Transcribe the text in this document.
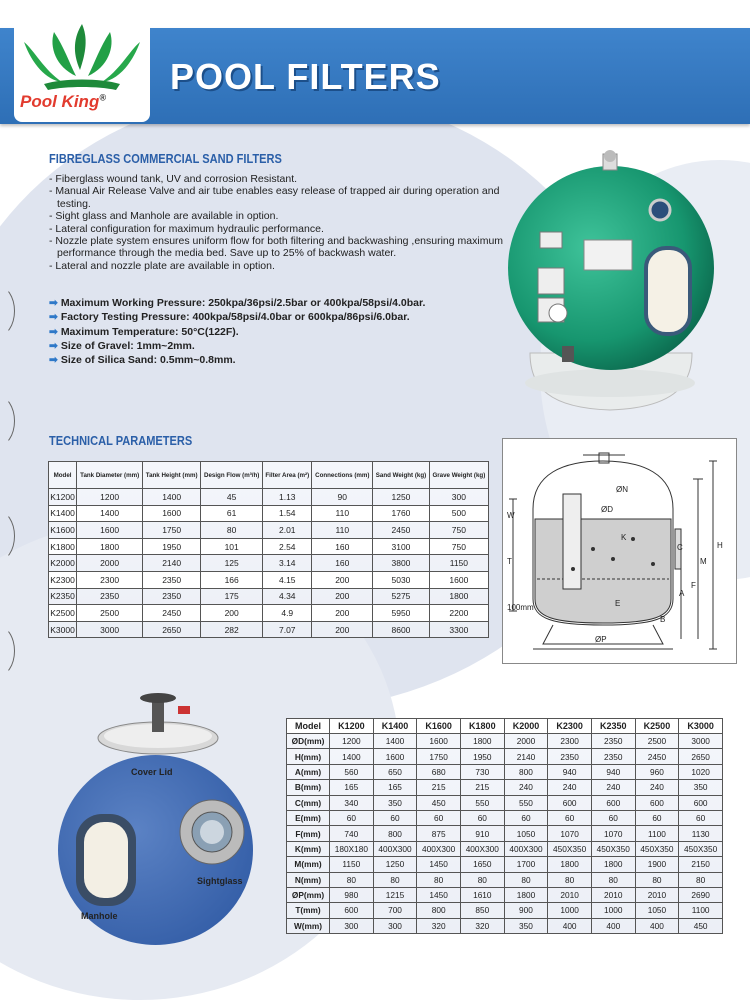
Pool King®
POOL FILTERS
FIBREGLASS COMMERCIAL SAND FILTERS
- Fiberglass wound tank, UV and corrosion Resistant.
- Manual Air Release Valve and air tube enables easy release of trapped air during operation and testing.
- Sight glass and Manhole are available in option.
- Lateral configuration for maximum hydraulic performance.
- Nozzle plate system ensures uniform flow for both filtering and backwashing ,ensuring maximum performance through the media bed. Save up to 25% of backwash water.
- Lateral and nozzle plate are available in option.
➡ Maximum Working Pressure: 250kpa/36psi/2.5bar or 400kpa/58psi/4.0bar.
➡ Factory Testing Pressure: 400kpa/58psi/4.0bar or 600kpa/86psi/6.0bar.
➡ Maximum Temperature: 50°C(122F).
➡ Size of Gravel: 1mm~2mm.
➡ Size of Silica Sand: 0.5mm~0.8mm.
TECHNICAL PARAMETERS
Model	Tank Diameter (mm)	Tank Height (mm)	Design Flow (m³/h)	Filter Area (m²)	Connections (mm)	Sand Weight (kg)	Grave Weight (kg)
K1200	1200	1400	45	1.13	90	1250	300
K1400	1400	1600	61	1.54	110	1760	500
K1600	1600	1750	80	2.01	110	2450	750
K1800	1800	1950	101	2.54	160	3100	750
K2000	2000	2140	125	3.14	160	3800	1150
K2300	2300	2350	166	4.15	200	5030	1600
K2350	2350	2350	175	4.34	200	5275	1800
K2500	2500	2450	200	4.9	200	5950	2200
K3000	3000	2650	282	7.07	200	8600	3300
ØN
ØD
W
K
C
M
H
T
F
A
E
B
ØP
100mm
Cover Lid
Sightglass
Manhole
Model	K1200	K1400	K1600	K1800	K2000	K2300	K2350	K2500	K3000
ØD(mm)	1200	1400	1600	1800	2000	2300	2350	2500	3000
H(mm)	1400	1600	1750	1950	2140	2350	2350	2450	2650
A(mm)	560	650	680	730	800	940	940	960	1020
B(mm)	165	165	215	215	240	240	240	240	350
C(mm)	340	350	450	550	550	600	600	600	600
E(mm)	60	60	60	60	60	60	60	60	60
F(mm)	740	800	875	910	1050	1070	1070	1100	1130
K(mm)	180X180	400X300	400X300	400X300	400X300	450X350	450X350	450X350	450X350
M(mm)	1150	1250	1450	1650	1700	1800	1800	1900	2150
N(mm)	80	80	80	80	80	80	80	80	80
ØP(mm)	980	1215	1450	1610	1800	2010	2010	2010	2690
T(mm)	600	700	800	850	900	1000	1000	1050	1100
W(mm)	300	300	320	320	350	400	400	400	450
